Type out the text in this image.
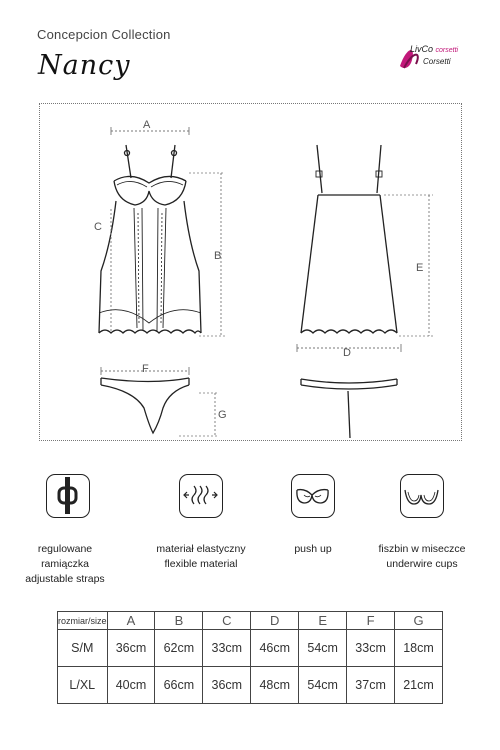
Concepcion Collection
Nancy
LivCo corsetti
Corsetti
A
B
C
D
E
F
G
regulowane ramiączka
adjustable straps
materiał elastyczny
flexible material
push up	fiszbin w miseczce
underwire cups
rozmiar/size	A	B	C	D	E	F	G
S/M	36cm	62cm	33cm	46cm	54cm	33cm	18cm
L/XL	40cm	66cm	36cm	48cm	54cm	37cm	21cm
